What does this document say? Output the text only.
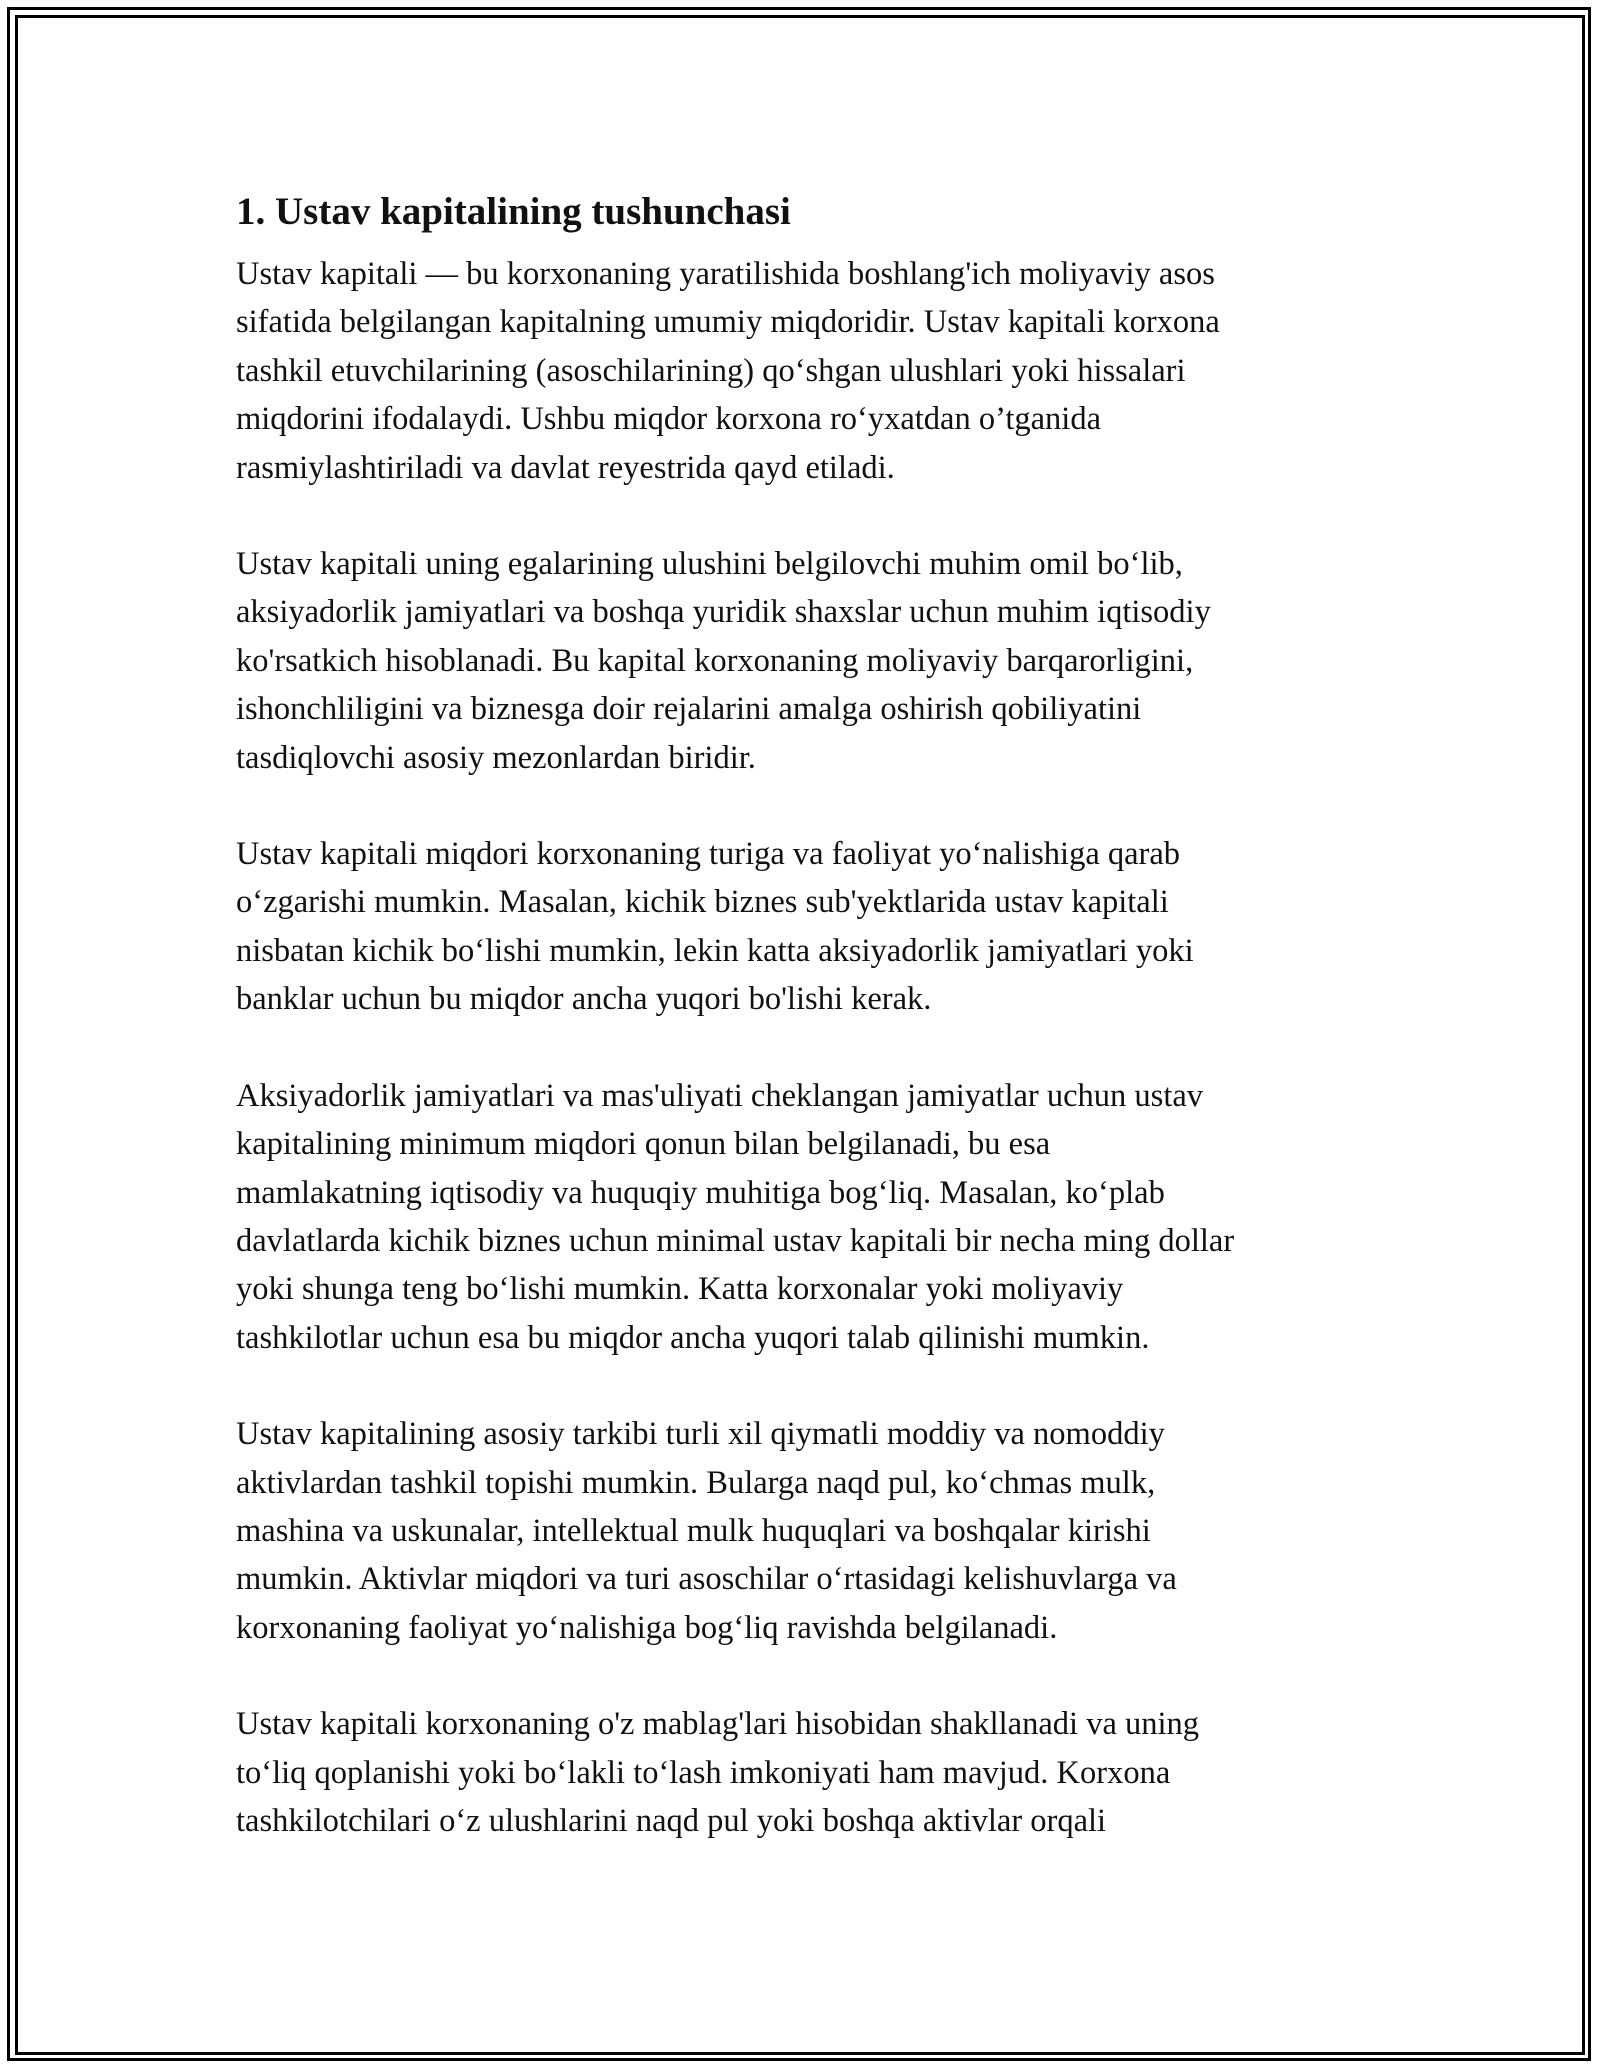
1. Ustav kapitalining tushunchasi
Ustav kapitali — bu korxonaning yaratilishida boshlang'ich moliyaviy asos
sifatida belgilangan kapitalning umumiy miqdoridir. Ustav kapitali korxona
tashkil etuvchilarining (asoschilarining) qo‘shgan ulushlari yoki hissalari
miqdorini ifodalaydi. Ushbu miqdor korxona ro‘yxatdan o’tganida
rasmiylashtiriladi va davlat reyestrida qayd etiladi.
Ustav kapitali uning egalarining ulushini belgilovchi muhim omil bo‘lib,
aksiyadorlik jamiyatlari va boshqa yuridik shaxslar uchun muhim iqtisodiy
ko'rsatkich hisoblanadi. Bu kapital korxonaning moliyaviy barqarorligini,
ishonchliligini va biznesga doir rejalarini amalga oshirish qobiliyatini
tasdiqlovchi asosiy mezonlardan biridir.
Ustav kapitali miqdori korxonaning turiga va faoliyat yo‘nalishiga qarab
o‘zgarishi mumkin. Masalan, kichik biznes sub'yektlarida ustav kapitali
nisbatan kichik bo‘lishi mumkin, lekin katta aksiyadorlik jamiyatlari yoki
banklar uchun bu miqdor ancha yuqori bo'lishi kerak.
Aksiyadorlik jamiyatlari va mas'uliyati cheklangan jamiyatlar uchun ustav
kapitalining minimum miqdori qonun bilan belgilanadi, bu esa
mamlakatning iqtisodiy va huquqiy muhitiga bog‘liq. Masalan, ko‘plab
davlatlarda kichik biznes uchun minimal ustav kapitali bir necha ming dollar
yoki shunga teng bo‘lishi mumkin. Katta korxonalar yoki moliyaviy
tashkilotlar uchun esa bu miqdor ancha yuqori talab qilinishi mumkin.
Ustav kapitalining asosiy tarkibi turli xil qiymatli moddiy va nomoddiy
aktivlardan tashkil topishi mumkin. Bularga naqd pul, ko‘chmas mulk,
mashina va uskunalar, intellektual mulk huquqlari va boshqalar kirishi
mumkin. Aktivlar miqdori va turi asoschilar o‘rtasidagi kelishuvlarga va
korxonaning faoliyat yo‘nalishiga bog‘liq ravishda belgilanadi.
Ustav kapitali korxonaning o'z mablag'lari hisobidan shakllanadi va uning
to‘liq qoplanishi yoki bo‘lakli to‘lash imkoniyati ham mavjud. Korxona
tashkilotchilari o‘z ulushlarini naqd pul yoki boshqa aktivlar orqali
